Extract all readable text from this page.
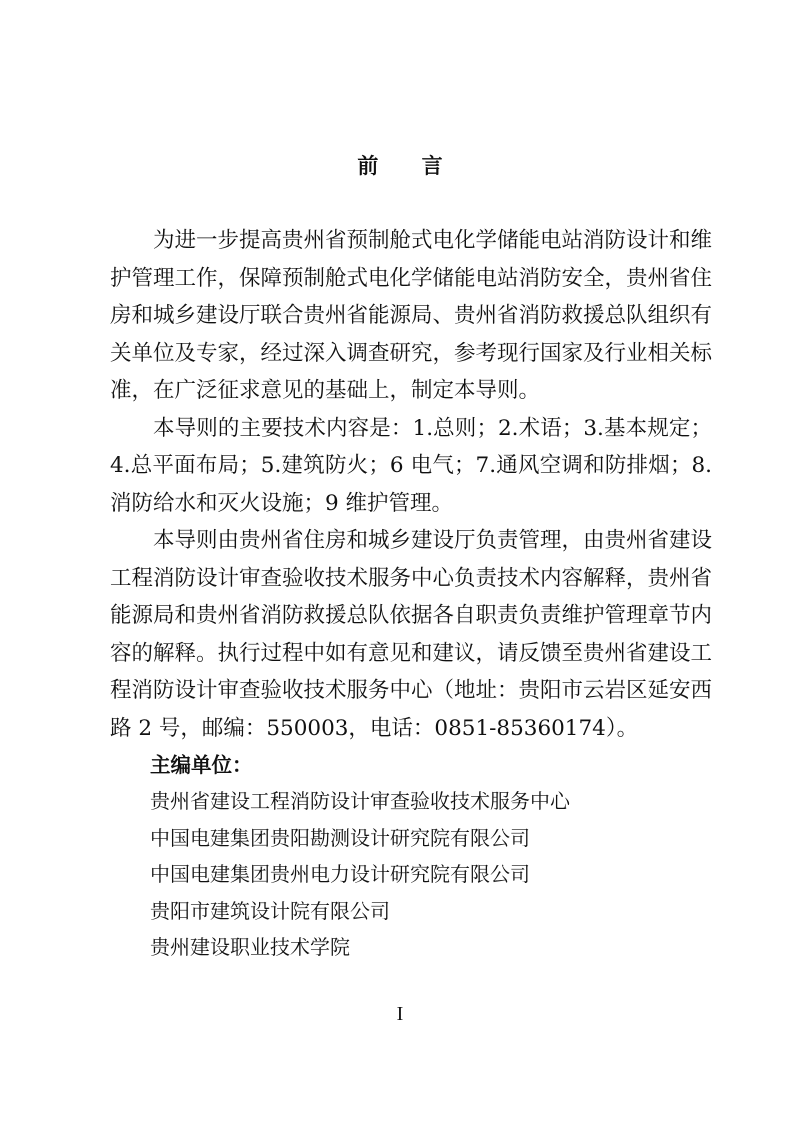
前 言

为进一步提高贵州省预制舱式电化学储能电站消防设计和维护管理工作，保障预制舱式电化学储能电站消防安全，贵州省住房和城乡建设厅联合贵州省能源局、贵州省消防救援总队组织有关单位及专家，经过深入调查研究，参考现行国家及行业相关标准，在广泛征求意见的基础上，制定本导则。

本导则的主要技术内容是：1.总则；2.术语；3.基本规定；4.总平面布局；5.建筑防火；6 电气；7.通风空调和防排烟；8.消防给水和灭火设施；9 维护管理。

本导则由贵州省住房和城乡建设厅负责管理，由贵州省建设工程消防设计审查验收技术服务中心负责技术内容解释，贵州省能源局和贵州省消防救援总队依据各自职责负责维护管理章节内容的解释。执行过程中如有意见和建议，请反馈至贵州省建设工程消防设计审查验收技术服务中心（地址：贵阳市云岩区延安西路 2 号，邮编：550003，电话：0851-85360174）。

主编单位：

贵州省建设工程消防设计审查验收技术服务中心
中国电建集团贵阳勘测设计研究院有限公司
中国电建集团贵州电力设计研究院有限公司
贵阳市建筑设计院有限公司
贵州建设职业技术学院
I
